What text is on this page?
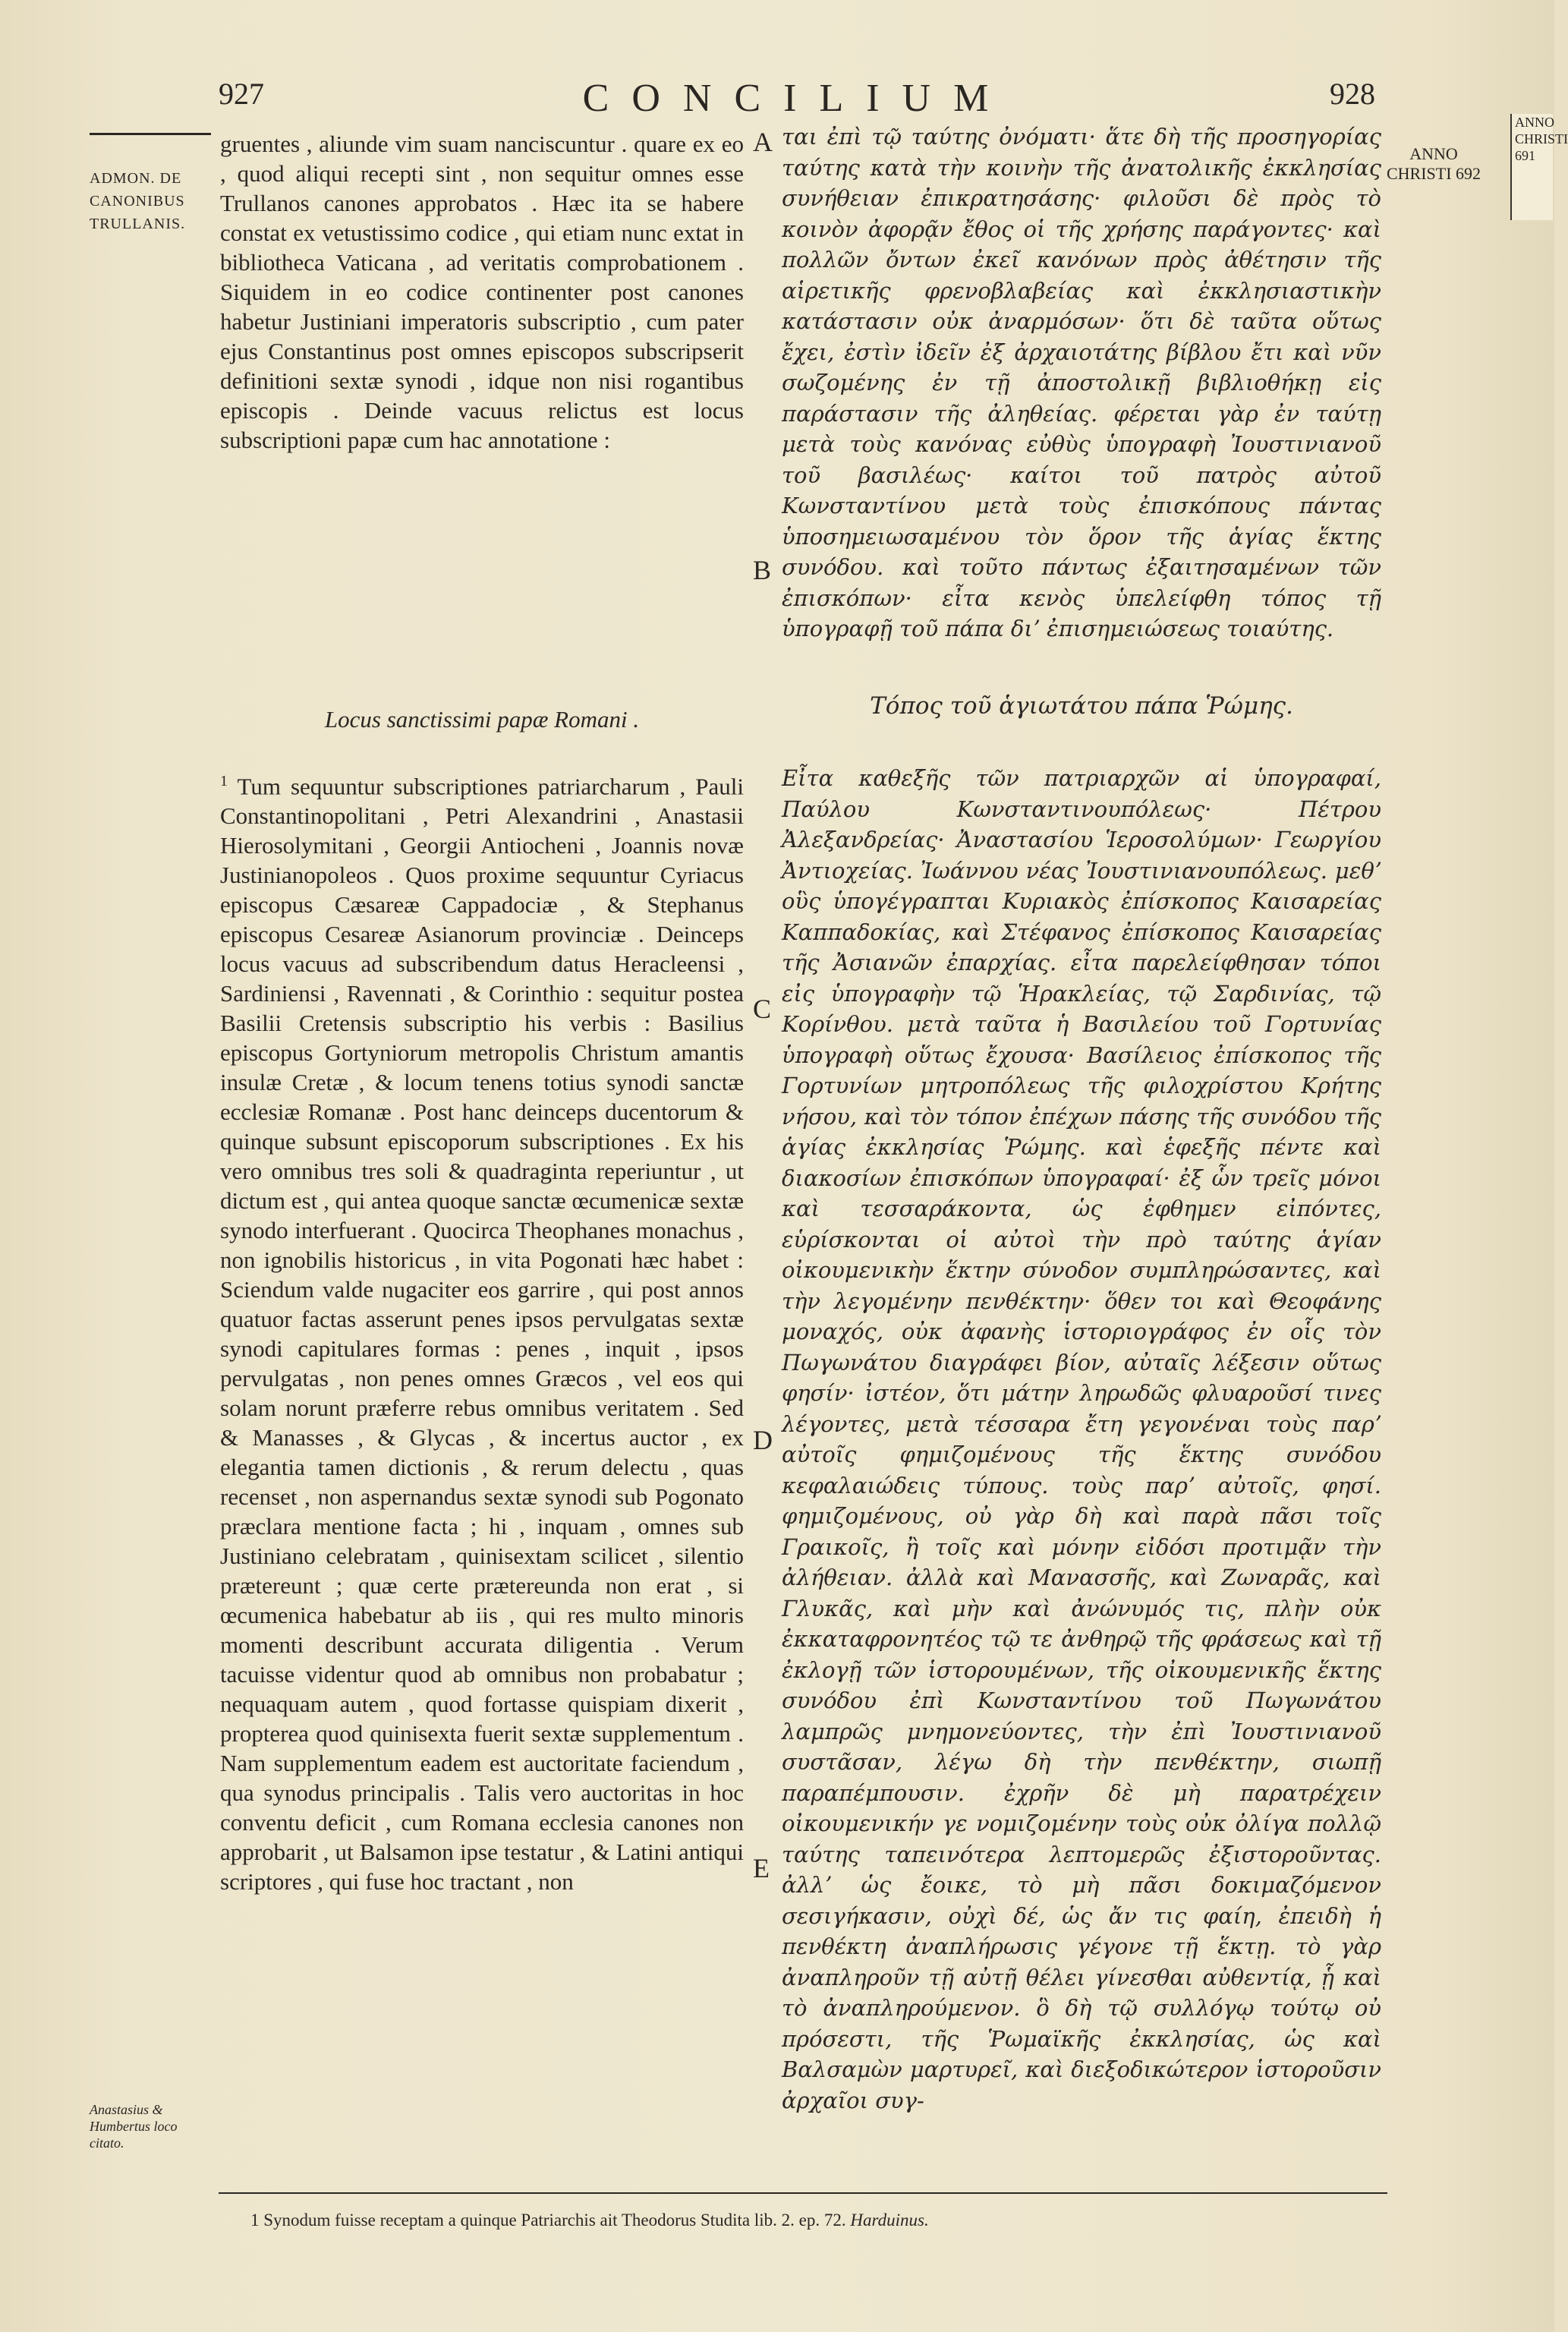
927	CONCILIUM	928
ANNO CHRISTI 692
ANNO CHRISTI 691
ADMON. DE CANONIBUS TRULLANIS.
Anastasius & Humbertus loco citato.
A
B
C
D
E
gruentes , aliunde vim suam nanciscuntur . quare ex eo , quod aliqui recepti sint , non sequitur omnes esse Trullanos canones approbatos . Hæc ita se habere constat ex vetustissimo codice , qui etiam nunc extat in bibliotheca Vaticana , ad veritatis comprobationem . Siquidem in eo codice continenter post canones habetur Justiniani imperatoris subscriptio , cum pater ejus Constantinus post omnes episcopos subscripserit definitioni sextæ synodi , idque non nisi rogantibus episcopis . Deinde vacuus relictus est locus subscriptioni papæ cum hac annotatione :
ται ἐπὶ τῷ ταύτης ὀνόματι· ἅτε δὴ τῆς προσηγορίας ταύτης κατὰ τὴν κοινὴν τῆς ἀνατολικῆς ἐκκλησίας συνήθειαν ἐπικρατησάσης· φιλοῦσι δὲ πρὸς τὸ κοινὸν ἀφορᾷν ἔθος οἱ τῆς χρήσης παράγοντες· καὶ πολλῶν ὄντων ἐκεῖ κανόνων πρὸς ἀθέτησιν τῆς αἱρετικῆς φρενοβλαβείας καὶ ἐκκλησιαστικὴν κατάστασιν οὐκ ἀναρμόσων· ὅτι δὲ ταῦτα οὕτως ἔχει, ἐστὶν ἰδεῖν ἐξ ἀρχαιοτάτης βίβλου ἔτι καὶ νῦν σωζομένης ἐν τῇ ἀποστολικῇ βιβλιοθήκῃ εἰς παράστασιν τῆς ἀληθείας. φέρεται γὰρ ἐν ταύτῃ μετὰ τοὺς κανόνας εὐθὺς ὑπογραφὴ Ἰουστινιανοῦ τοῦ βασιλέως· καίτοι τοῦ πατρὸς αὐτοῦ Κωνσταντίνου μετὰ τοὺς ἐπισκόπους πάντας ὑποσημειωσαμένου τὸν ὅρον τῆς ἁγίας ἕκτης συνόδου. καὶ τοῦτο πάντως ἐξαιτησαμένων τῶν ἐπισκόπων· εἶτα κενὸς ὑπελείφθη τόπος τῇ ὑπογραφῇ τοῦ πάπα διʼ ἐπισημειώσεως τοιαύτης.
Locus sanctissimi papæ Romani .	Τόπος τοῦ ἁγιωτάτου πάπα Ῥώμης.
$^1$ Tum sequuntur subscriptiones patriarcharum , Pauli Constantinopolitani , Petri Alexandrini , Anastasii Hierosolymitani , Georgii Antiocheni , Joannis novæ Justinianopoleos . Quos proxime sequuntur Cyriacus episcopus Cæsareæ Cappadociæ , & Stephanus episcopus Cesareæ Asianorum provinciæ . Deinceps locus vacuus ad subscribendum datus Heracleensi , Sardiniensi , Ravennati , & Corinthio : sequitur postea Basilii Cretensis subscriptio his verbis : Basilius episcopus Gortyniorum metropolis Christum amantis insulæ Cretæ , & locum tenens totius synodi sanctæ ecclesiæ Romanæ . Post hanc deinceps ducentorum & quinque subsunt episcoporum subscriptiones . Ex his vero omnibus tres soli & quadraginta reperiuntur , ut dictum est , qui antea quoque sanctæ œcumenicæ sextæ synodo interfuerant . Quocirca Theophanes monachus , non ignobilis historicus , in vita Pogonati hæc habet : Sciendum valde nugaciter eos garrire , qui post annos quatuor factas asserunt penes ipsos pervulgatas sextæ synodi capitulares formas : penes , inquit , ipsos pervulgatas , non penes omnes Græcos , vel eos qui solam norunt præferre rebus omnibus veritatem . Sed & Manasses , & Glycas , & incertus auctor , ex elegantia tamen dictionis , & rerum delectu , quas recenset , non aspernandus sextæ synodi sub Pogonato præclara mentione facta ; hi , inquam , omnes sub Justiniano celebratam , quinisextam scilicet , silentio prætereunt ; quæ certe prætereunda non erat , si œcumenica habebatur ab iis , qui res multo minoris momenti describunt accurata diligentia . Verum tacuisse videntur quod ab omnibus non probabatur ; nequaquam autem , quod fortasse quispiam dixerit , propterea quod quinisexta fuerit sextæ supplementum . Nam supplementum eadem est auctoritate faciendum , qua synodus principalis . Talis vero auctoritas in hoc conventu deficit , cum Romana ecclesia canones non approbarit , ut Balsamon ipse testatur , & Latini antiqui scriptores , qui fuse hoc tractant , non
Εἶτα καθεξῆς τῶν πατριαρχῶν αἱ ὑπογραφαί, Παύλου Κωνσταντινουπόλεως· Πέτρου Ἀλεξανδρείας· Ἀναστασίου Ἱεροσολύμων· Γεωργίου Ἀντιοχείας. Ἰωάννου νέας Ἰουστινιανουπόλεως. μεθʼ οὓς ὑπογέγραπται Κυριακὸς ἐπίσκοπος Καισαρείας Καππαδοκίας, καὶ Στέφανος ἐπίσκοπος Καισαρείας τῆς Ἀσιανῶν ἐπαρχίας. εἶτα παρελείφθησαν τόποι εἰς ὑπογραφὴν τῷ Ἡρακλείας, τῷ Σαρδινίας, τῷ Κορίνθου. μετὰ ταῦτα ἡ Βασιλείου τοῦ Γορτυνίας ὑπογραφὴ οὕτως ἔχουσα· Βασίλειος ἐπίσκοπος τῆς Γορτυνίων μητροπόλεως τῆς φιλοχρίστου Κρήτης νήσου, καὶ τὸν τόπον ἐπέχων πάσης τῆς συνόδου τῆς ἁγίας ἐκκλησίας Ῥώμης. καὶ ἑφεξῆς πέντε καὶ διακοσίων ἐπισκόπων ὑπογραφαί· ἐξ ὧν τρεῖς μόνοι καὶ τεσσαράκοντα, ὡς ἐφθημεν εἰπόντες, εὑρίσκονται οἱ αὐτοὶ τὴν πρὸ ταύτης ἁγίαν οἰκουμενικὴν ἕκτην σύνοδον συμπληρώσαντες, καὶ τὴν λεγομένην πενθέκτην· ὅθεν τοι καὶ Θεοφάνης μοναχός, οὐκ ἀφανὴς ἱστοριογράφος ἐν οἷς τὸν Πωγωνάτου διαγράφει βίον, αὐταῖς λέξεσιν οὕτως φησίν· ἰστέον, ὅτι μάτην ληρωδῶς φλυαροῦσί τινες λέγοντες, μετὰ τέσσαρα ἔτη γεγονέναι τοὺς παρʼ αὐτοῖς φημιζομένους τῆς ἕκτης συνόδου κεφαλαιώδεις τύπους. τοὺς παρʼ αὐτοῖς, φησί. φημιζομένους, οὐ γὰρ δὴ καὶ παρὰ πᾶσι τοῖς Γραικοῖς, ἢ τοῖς καὶ μόνην εἰδόσι προτιμᾷν τὴν ἀλήθειαν. ἀλλὰ καὶ Μανασσῆς, καὶ Ζωναρᾶς, καὶ Γλυκᾶς, καὶ μὴν καὶ ἀνώνυμός τις, πλὴν οὐκ ἐκκαταφρονητέος τῷ τε ἀνθηρῷ τῆς φράσεως καὶ τῇ ἐκλογῇ τῶν ἱστορουμένων, τῆς οἰκουμενικῆς ἕκτης συνόδου ἐπὶ Κωνσταντίνου τοῦ Πωγωνάτου λαμπρῶς μνημονεύοντες, τὴν ἐπὶ Ἰουστινιανοῦ συστᾶσαν, λέγω δὴ τὴν πενθέκτην, σιωπῇ παραπέμπουσιν. ἐχρῆν δὲ μὴ παρατρέχειν οἰκουμενικήν γε νομιζομένην τοὺς οὐκ ὀλίγα πολλῷ ταύτης ταπεινότερα λεπτομερῶς ἐξιστοροῦντας. ἀλλʼ ὡς ἔοικε, τὸ μὴ πᾶσι δοκιμαζόμενον σεσιγήκασιν, οὐχὶ δέ, ὡς ἄν τις φαίη, ἐπειδὴ ἡ πενθέκτη ἀναπλήρωσις γέγονε τῇ ἕκτῃ. τὸ γὰρ ἀναπληροῦν τῇ αὐτῇ θέλει γίνεσθαι αὐθεντίᾳ, ᾗ καὶ τὸ ἀναπληρούμενον. ὃ δὴ τῷ συλλόγῳ τούτῳ οὐ πρόσεστι, τῆς Ῥωμαϊκῆς ἐκκλησίας, ὡς καὶ Βαλσαμὼν μαρτυρεῖ, καὶ διεξοδικώτερον ἱστοροῦσιν ἀρχαῖοι συγ-
1 Synodum fuisse receptam a quinque Patriarchis ait Theodorus Studita lib. 2. ep. 72. Harduinus.
